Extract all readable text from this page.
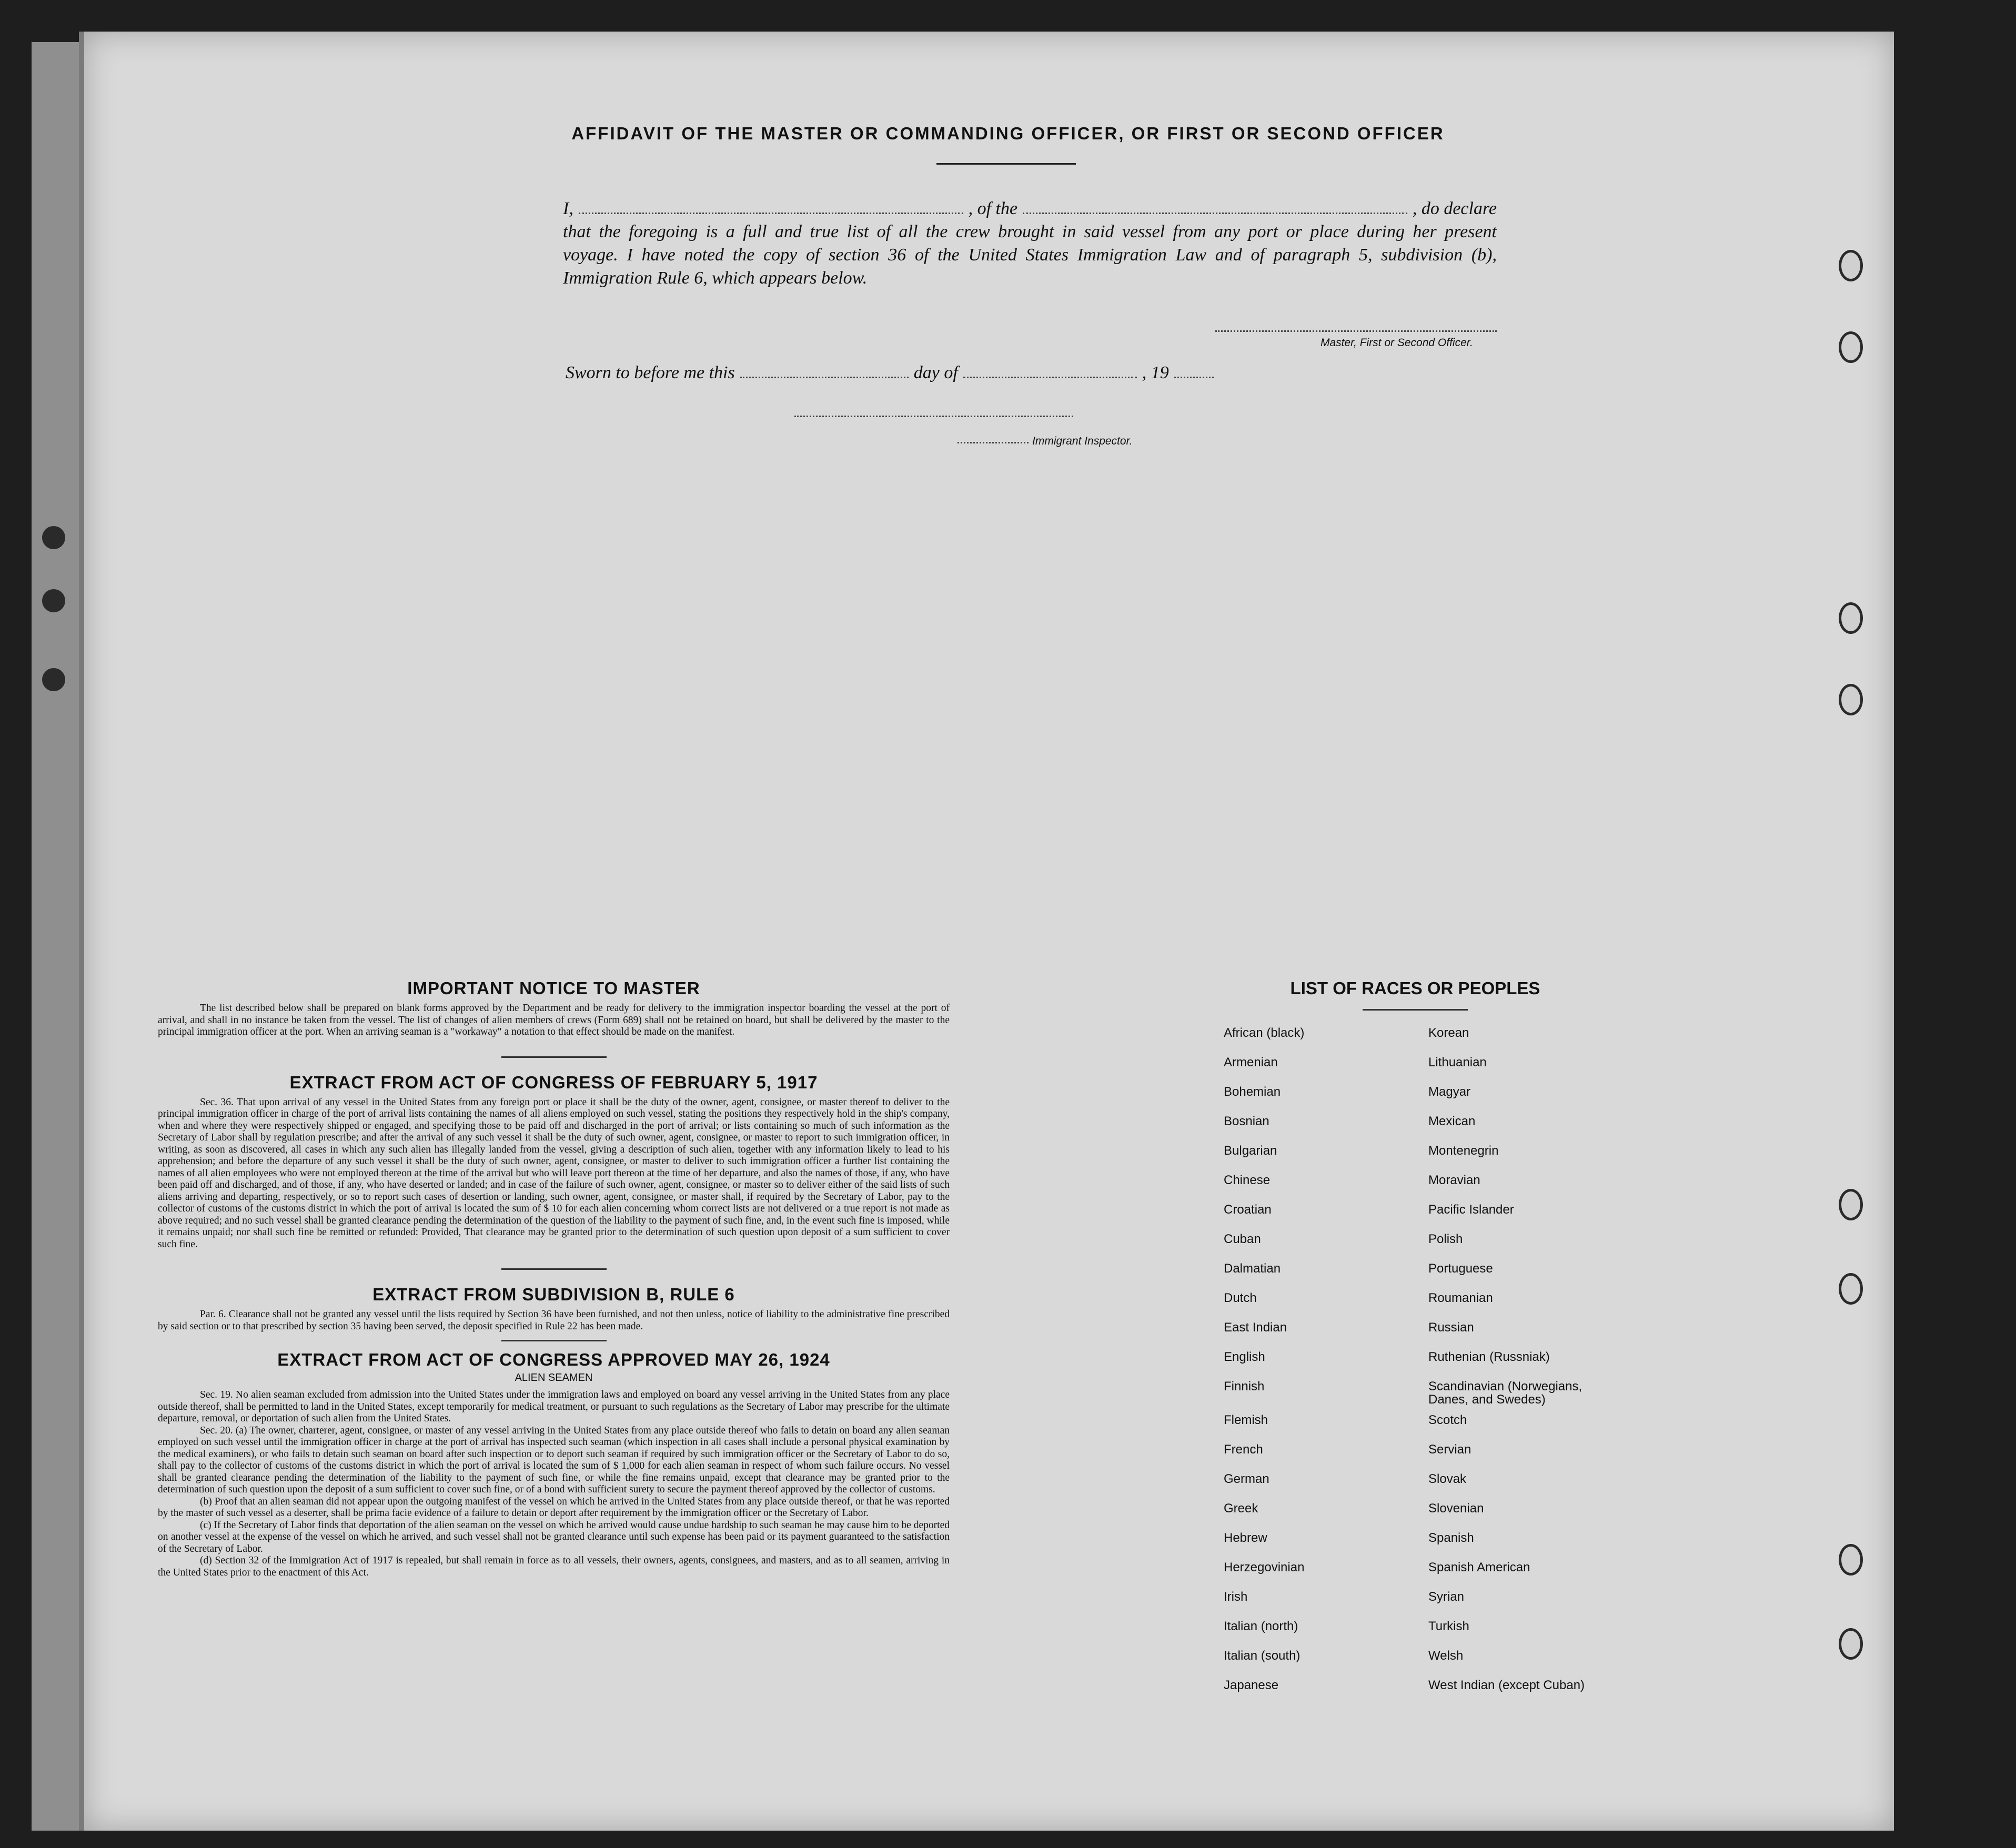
AFFIDAVIT OF THE MASTER OR COMMANDING OFFICER, OR FIRST OR SECOND OFFICER
I,	, of the	, do declare
that the foregoing is a full and true list of all the crew brought in said vessel from any port or place during her present
voyage. I have noted the copy of section 36 of the United States Immigration Law and of paragraph 5, subdivision (b),
Immigration Rule 6, which appears below.
Master, First or Second Officer.
Sworn to before me this	day of	, 19
Immigrant Inspector.
IMPORTANT NOTICE TO MASTER

The list described below shall be prepared on blank forms approved by the Department and be ready for delivery to the immigration inspector boarding the vessel at the port of arrival, and shall in no instance be taken from the vessel. The list of changes of alien members of crews (Form 689) shall not be retained on board, but shall be delivered by the master to the principal immigration officer at the port. When an arriving seaman is a "workaway" a notation to that effect should be made on the manifest.

EXTRACT FROM ACT OF CONGRESS OF FEBRUARY 5, 1917

Sec. 36. That upon arrival of any vessel in the United States from any foreign port or place it shall be the duty of the owner, agent, consignee, or master thereof to deliver to the principal immigration officer in charge of the port of arrival lists containing the names of all aliens employed on such vessel, stating the positions they respectively hold in the ship's company, when and where they were respectively shipped or engaged, and specifying those to be paid off and discharged in the port of arrival; or lists containing so much of such information as the Secretary of Labor shall by regulation prescribe; and after the arrival of any such vessel it shall be the duty of such owner, agent, consignee, or master to report to such immigration officer, in writing, as soon as discovered, all cases in which any such alien has illegally landed from the vessel, giving a description of such alien, together with any information likely to lead to his apprehension; and before the departure of any such vessel it shall be the duty of such owner, agent, consignee, or master to deliver to such immigration officer a further list containing the names of all alien employees who were not employed thereon at the time of the arrival but who will leave port thereon at the time of her departure, and also the names of those, if any, who have been paid off and discharged, and of those, if any, who have deserted or landed; and in case of the failure of such owner, agent, consignee, or master so to deliver either of the said lists of such aliens arriving and departing, respectively, or so to report such cases of desertion or landing, such owner, agent, consignee, or master shall, if required by the Secretary of Labor, pay to the collector of customs of the customs district in which the port of arrival is located the sum of $ 10 for each alien concerning whom correct lists are not delivered or a true report is not made as above required; and no such vessel shall be granted clearance pending the determination of the question of the liability to the payment of such fine, and, in the event such fine is imposed, while it remains unpaid; nor shall such fine be remitted or refunded: Provided, That clearance may be granted prior to the determination of such question upon deposit of a sum sufficient to cover such fine.

EXTRACT FROM SUBDIVISION B, RULE 6

Par. 6. Clearance shall not be granted any vessel until the lists required by Section 36 have been furnished, and not then unless, notice of liability to the administrative fine prescribed by said section or to that prescribed by section 35 having been served, the deposit specified in Rule 22 has been made.

EXTRACT FROM ACT OF CONGRESS APPROVED MAY 26, 1924
ALIEN SEAMEN

Sec. 19. No alien seaman excluded from admission into the United States under the immigration laws and employed on board any vessel arriving in the United States from any place outside thereof, shall be permitted to land in the United States, except temporarily for medical treatment, or pursuant to such regulations as the Secretary of Labor may prescribe for the ultimate departure, removal, or deportation of such alien from the United States.

Sec. 20. (a) The owner, charterer, agent, consignee, or master of any vessel arriving in the United States from any place outside thereof who fails to detain on board any alien seaman employed on such vessel until the immigration officer in charge at the port of arrival has inspected such seaman (which inspection in all cases shall include a personal physical examination by the medical examiners), or who fails to detain such seaman on board after such inspection or to deport such seaman if required by such immigration officer or the Secretary of Labor to do so, shall pay to the collector of customs of the customs district in which the port of arrival is located the sum of $ 1,000 for each alien seaman in respect of whom such failure occurs. No vessel shall be granted clearance pending the determination of the liability to the payment of such fine, or while the fine remains unpaid, except that clearance may be granted prior to the determination of such question upon the deposit of a sum sufficient to cover such fine, or of a bond with sufficient surety to secure the payment thereof approved by the collector of customs.

(b) Proof that an alien seaman did not appear upon the outgoing manifest of the vessel on which he arrived in the United States from any place outside thereof, or that he was reported by the master of such vessel as a deserter, shall be prima facie evidence of a failure to detain or deport after requirement by the immigration officer or the Secretary of Labor.

(c) If the Secretary of Labor finds that deportation of the alien seaman on the vessel on which he arrived would cause undue hardship to such seaman he may cause him to be deported on another vessel at the expense of the vessel on which he arrived, and such vessel shall not be granted clearance until such expense has been paid or its payment guaranteed to the satisfaction of the Secretary of Labor.

(d) Section 32 of the Immigration Act of 1917 is repealed, but shall remain in force as to all vessels, their owners, agents, consignees, and masters, and as to all seamen, arriving in the United States prior to the enactment of this Act.

LIST OF RACES OR PEOPLES
African (black)	Korean
Armenian	Lithuanian
Bohemian	Magyar
Bosnian	Mexican
Bulgarian	Montenegrin
Chinese	Moravian
Croatian	Pacific Islander
Cuban	Polish
Dalmatian	Portuguese
Dutch	Roumanian
East Indian	Russian
English	Ruthenian (Russniak)
Finnish	Scandinavian (Norwegians, Danes, and Swedes)
Flemish	Scotch
French	Servian
German	Slovak
Greek	Slovenian
Hebrew	Spanish
Herzegovinian	Spanish American
Irish	Syrian
Italian (north)	Turkish
Italian (south)	Welsh
Japanese	West Indian (except Cuban)
